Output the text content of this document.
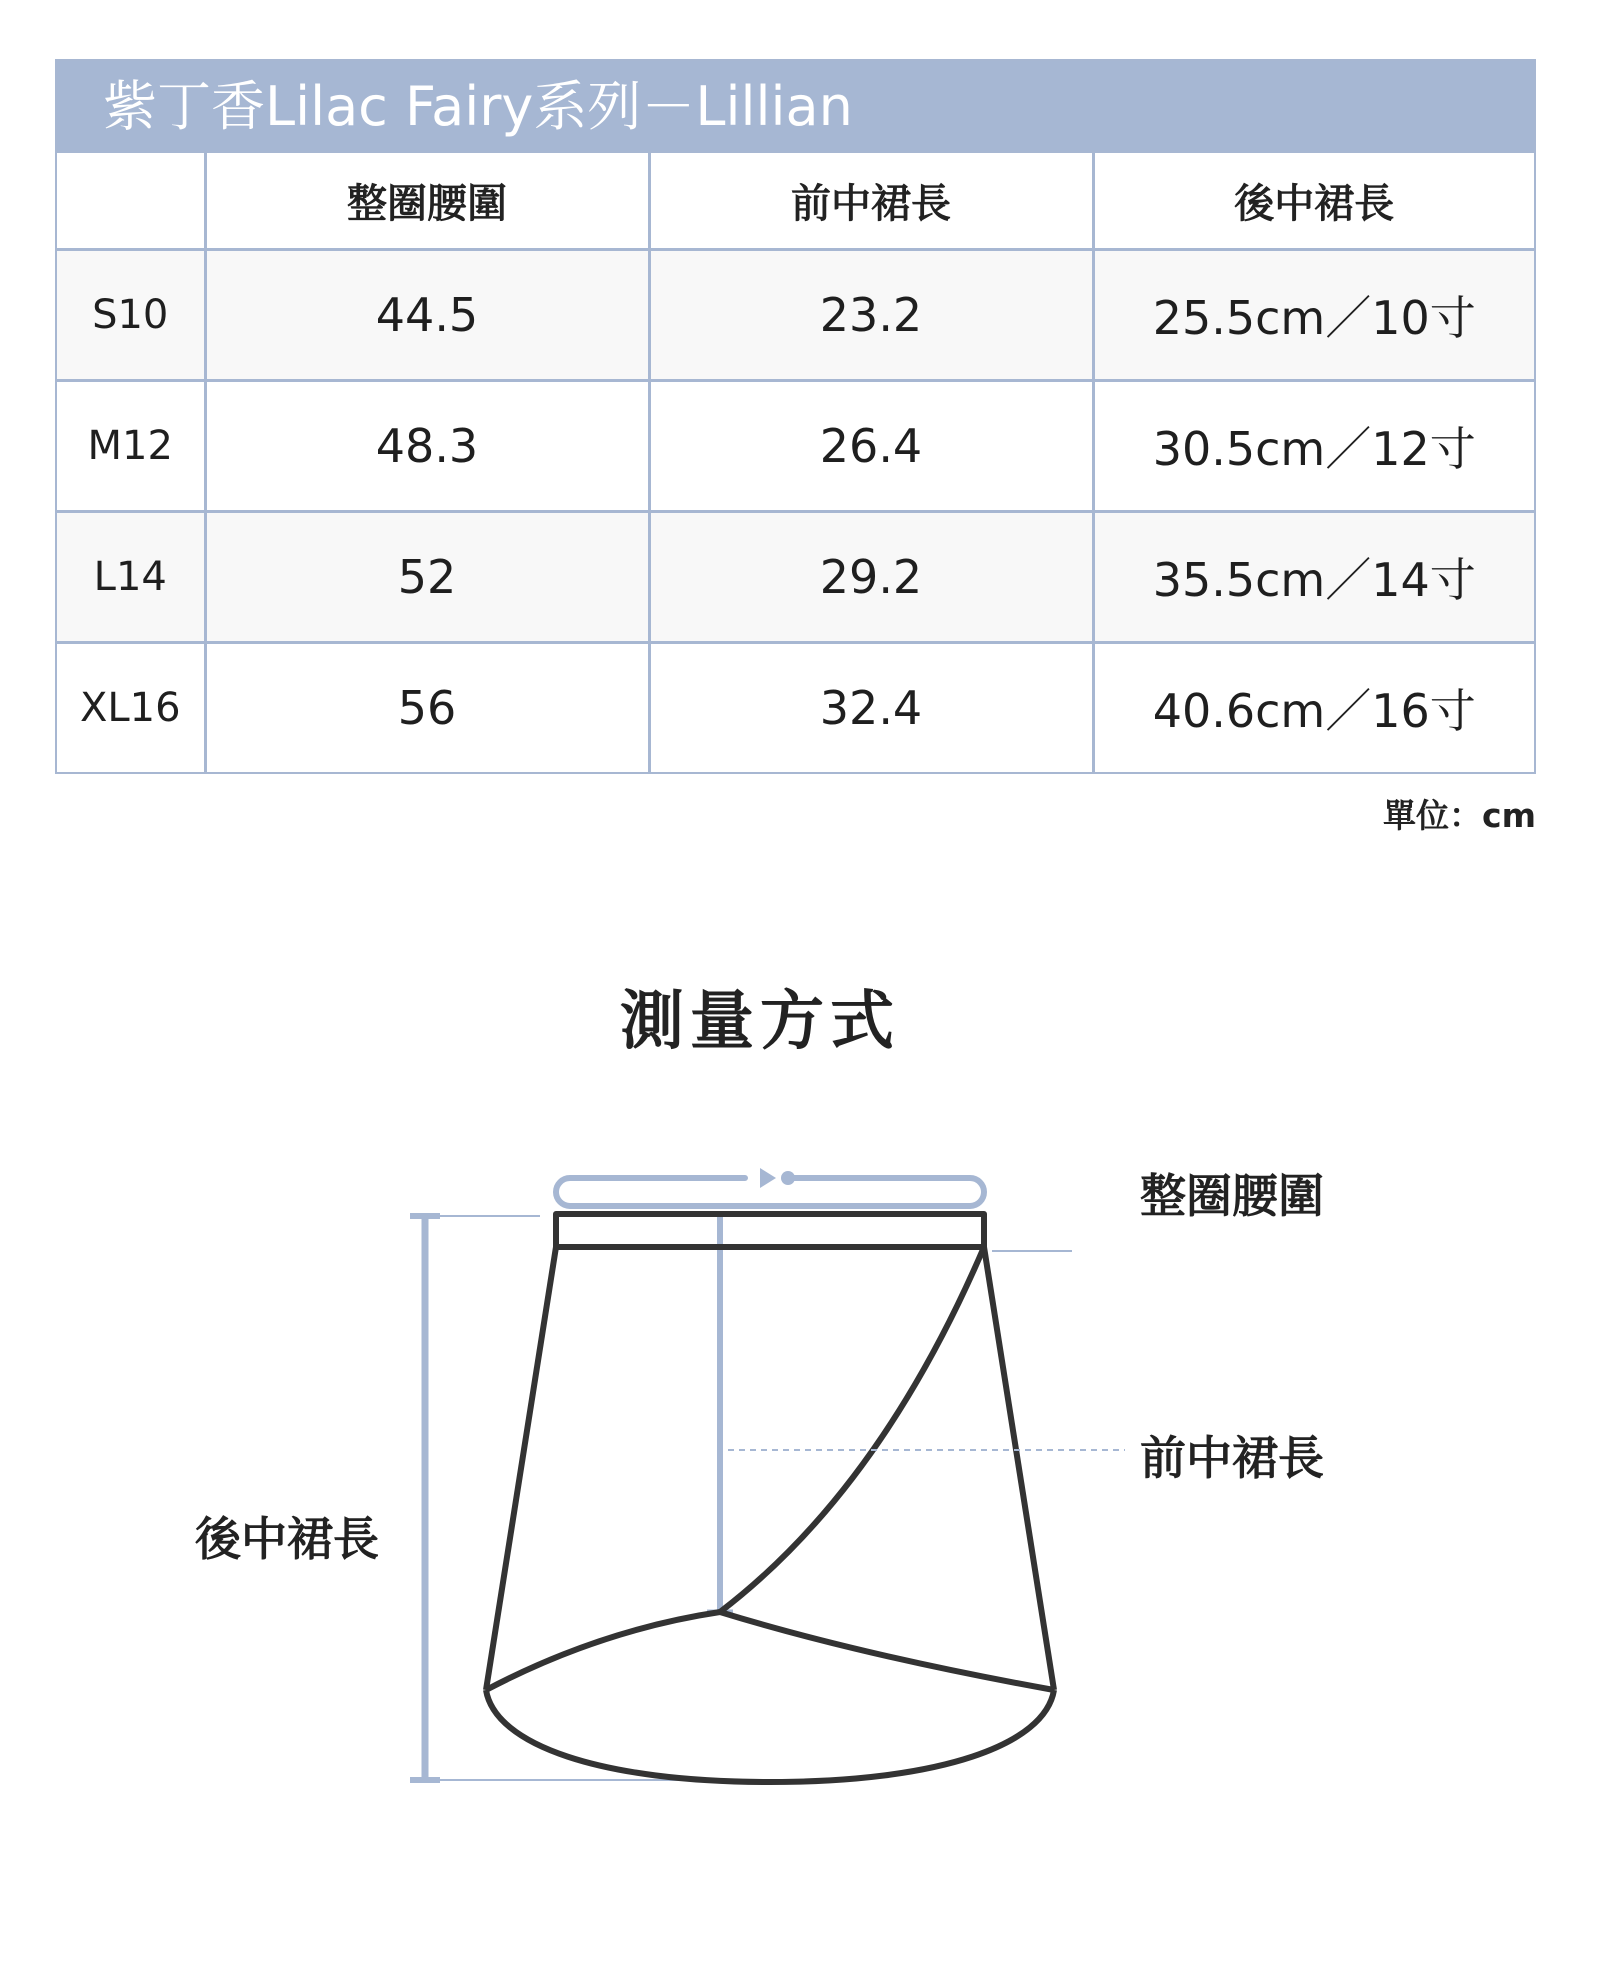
紫丁香Lilac Fairy系列－Lillian
	整圈腰圍	前中裙長	後中裙長
S10	44.5	23.2	25.5cm／10寸
M12	48.3	26.4	30.5cm／12寸
L14	52	29.2	35.5cm／14寸
XL16	56	32.4	40.6cm／16寸
單位：cm
測量方式
整圈腰圍
前中裙長
後中裙長
